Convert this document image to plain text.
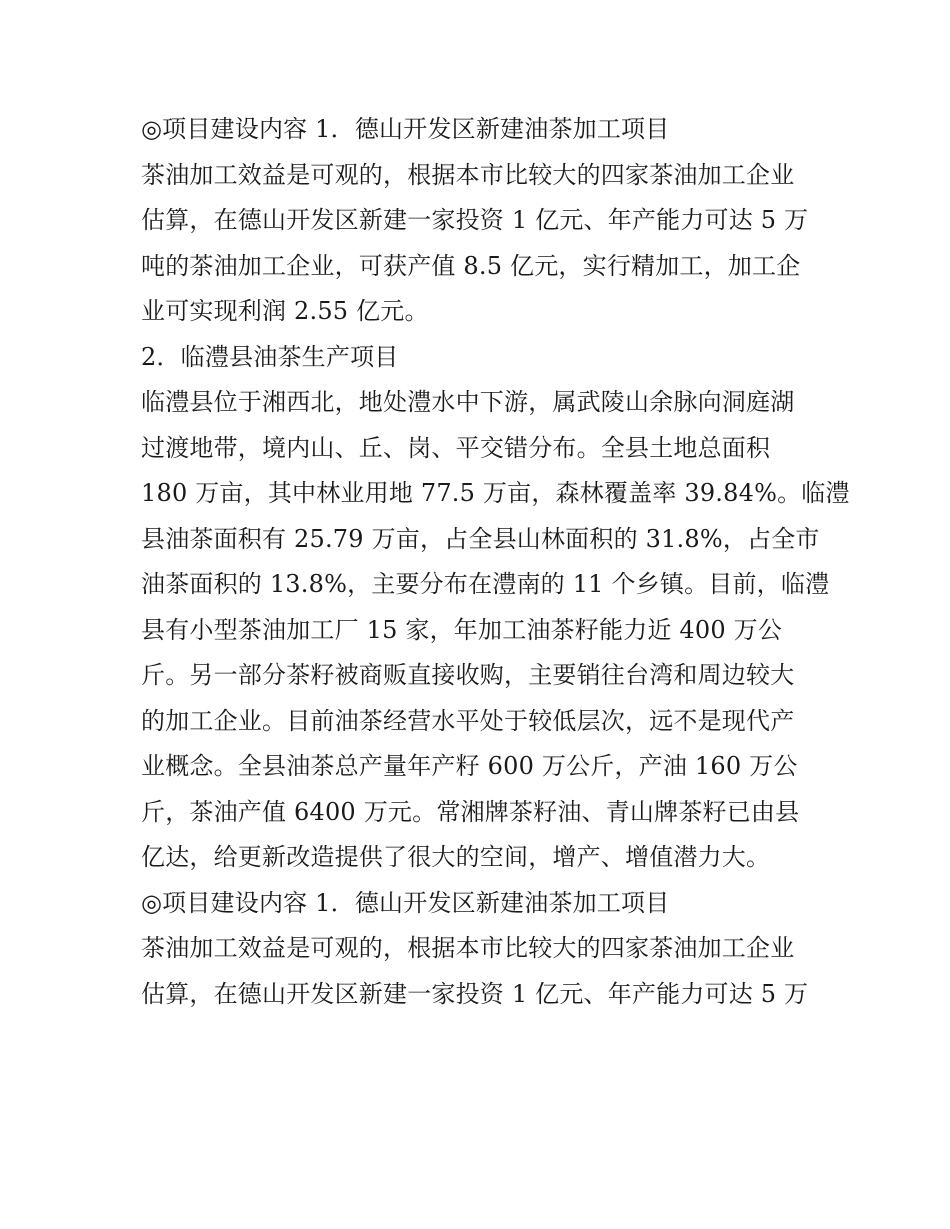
◎项目建设内容 1．德山开发区新建油茶加工项目
茶油加工效益是可观的，根据本市比较大的四家茶油加工企业
估算，在德山开发区新建一家投资 1 亿元、年产能力可达 5 万
吨的茶油加工企业，可获产值 8.5 亿元，实行精加工，加工企
业可实现利润 2.55 亿元。
2．临澧县油茶生产项目
临澧县位于湘西北，地处澧水中下游，属武陵山余脉向洞庭湖
过渡地带，境内山、丘、岗、平交错分布。全县土地总面积
180 万亩，其中林业用地 77.5 万亩，森林覆盖率 39.84%。临澧
县油茶面积有 25.79 万亩，占全县山林面积的 31.8%，占全市
油茶面积的 13.8%，主要分布在澧南的 11 个乡镇。目前，临澧
县有小型茶油加工厂 15 家，年加工油茶籽能力近 400 万公
斤。另一部分茶籽被商贩直接收购，主要销往台湾和周边较大
的加工企业。目前油茶经营水平处于较低层次，远不是现代产
业概念。全县油茶总产量年产籽 600 万公斤，产油 160 万公
斤，茶油产值 6400 万元。常湘牌茶籽油、青山牌茶籽已由县
亿达，给更新改造提供了很大的空间，增产、增值潜力大。
◎项目建设内容 1．德山开发区新建油茶加工项目
茶油加工效益是可观的，根据本市比较大的四家茶油加工企业
估算，在德山开发区新建一家投资 1 亿元、年产能力可达 5 万
